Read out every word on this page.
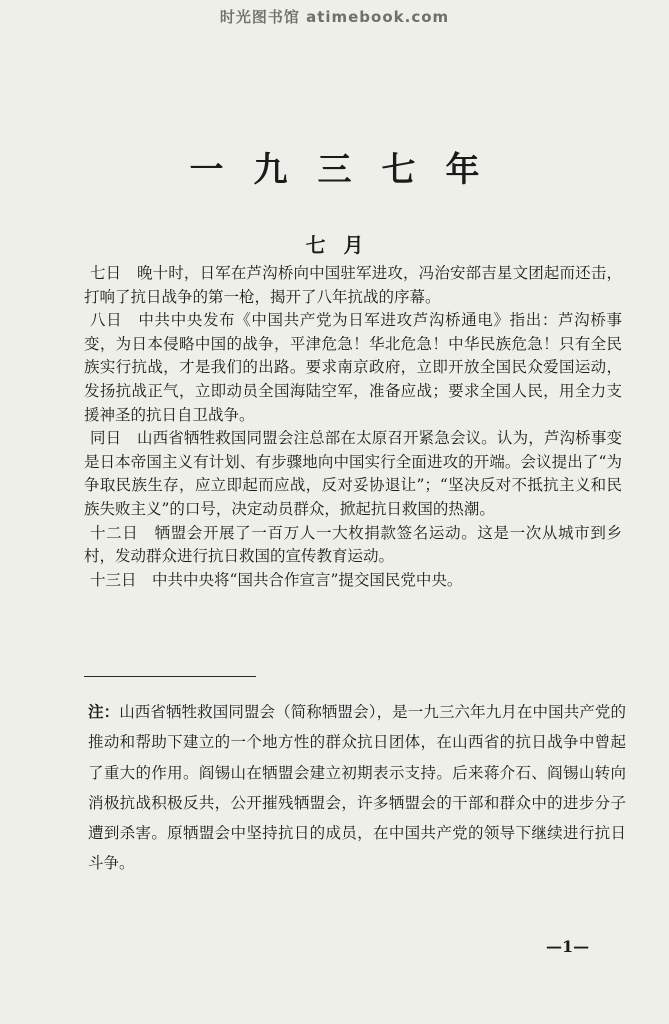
时光图书馆 atimebook.com
一九三七年
七月

七日　 晚十时，日军在芦沟桥向中国驻军进攻，冯治安部吉星文团起而还击，打响了抗日战争的第一枪，揭开了八年抗战的序幕。

八日　 中共中央发布《中国共产党为日军进攻芦沟桥通电》指出：芦沟桥事变，为日本侵略中国的战争，平津危急！华北危急！中华民族危急！只有全民族实行抗战，才是我们的出路。要求南京政府，立即开放全国民众爱国运动，发扬抗战正气，立即动员全国海陆空军，准备应战；要求全国人民，用全力支援神圣的抗日自卫战争。

同日　 山西省牺牲救国同盟会注总部在太原召开紧急会议。认为，芦沟桥事变是日本帝国主义有计划、有步骤地向中国实行全面进攻的开端。会议提出了“为争取民族生存，应立即起而应战，反对妥协退让”；“坚决反对不抵抗主义和民族失败主义”的口号，决定动员群众，掀起抗日救国的热潮。

十二日　 牺盟会开展了一百万人一大枚捐款签名运动。这是一次从城市到乡村，发动群众进行抗日救国的宣传教育运动。

十三日　 中共中央将“国共合作宣言”提交国民党中央。

注：山西省牺牲救国同盟会（简称牺盟会），是一九三六年九月在中国共产党的推动和帮助下建立的一个地方性的群众抗日团体，在山西省的抗日战争中曾起了重大的作用。阎锡山在牺盟会建立初期表示支持。后来蒋介石、阎锡山转向消极抗战积极反共，公开摧残牺盟会，许多牺盟会的干部和群众中的进步分子遭到杀害。原牺盟会中坚持抗日的成员，在中国共产党的领导下继续进行抗日斗争。

—1—
